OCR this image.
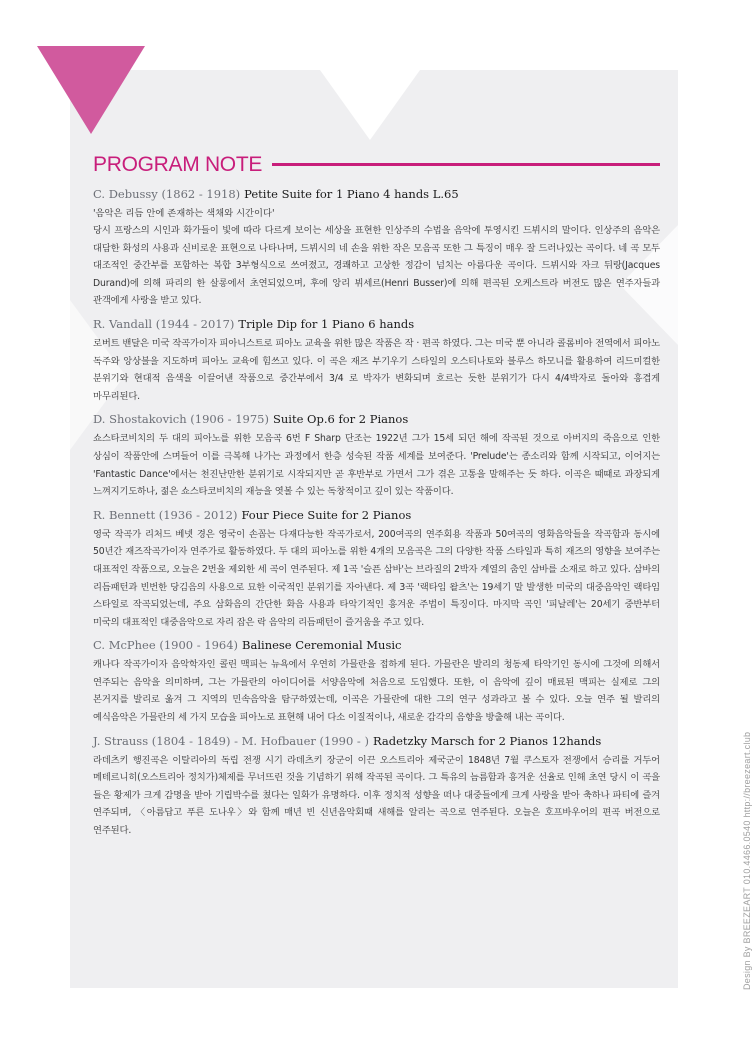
PROGRAM NOTE
C. Debussy (1862 - 1918) Petite Suite for 1 Piano 4 hands L.65
'음악은 리듬 안에 존재하는 색채와 시간이다'
당시 프랑스의 시인과 화가들이 빛에 따라 다르게 보이는 세상을 표현한 인상주의 수법을 음악에 투영시킨 드뷔시의 말이다. 인상주의 음악은 대담한 화성의 사용과 신비로운 표현으로 나타나며, 드뷔시의 네 손을 위한 작은 모음곡 또한 그 특징이 매우 잘 드러나있는 곡이다. 네 곡 모두 대조적인 중간부를 포함하는 복합 3부형식으로 쓰여졌고, 경쾌하고 고상한 정감이 넘치는 아름다운 곡이다. 드뷔시와 자크 뒤랑(Jacques Durand)에 의해 파리의 한 살롱에서 초연되었으며, 후에 앙리 뷔세르(Henri Busser)에 의해 편곡된 오케스트라 버전도 많은 연주자들과 관객에게 사랑을 받고 있다.
R. Vandall (1944 - 2017) Triple Dip for 1 Piano 6 hands
로버트 밴달은 미국 작곡가이자 피아니스트로 피아노 교육을 위한 많은 작품은 작 · 편곡 하였다. 그는 미국 뿐 아니라 콜롬비아 전역에서 피아노 독주와 앙상블을 지도하며 피아노 교육에 힘쓰고 있다. 이 곡은 재즈 부기우기 스타일의 오스티나토와 블루스 하모니를 활용하여 리드미컬한 분위기와 현대적 음색을 이끌어낸 작품으로 중간부에서 3/4 로 박자가 변화되며 흐르는 듯한 분위기가 다시 4/4박자로 돌아와 흥겹게 마무리된다.
D. Shostakovich (1906 - 1975) Suite Op.6 for 2 Pianos
쇼스타코비치의 두 대의 피아노를 위한 모음곡 6번 F Sharp 단조는 1922년 그가 15세 되던 해에 작곡된 것으로 아버지의 죽음으로 인한 상심이 작품안에 스며들어 이를 극복해 나가는 과정에서 한층 성숙된 작품 세계를 보여준다. 'Prelude'는 종소리와 함께 시작되고, 이어지는 'Fantastic Dance'에서는 천진난만한 분위기로 시작되지만 곧 후반부로 가면서 그가 겪은 고통을 말해주는 듯 하다. 이곡은 때때로 과장되게 느껴지기도하나, 젊은 쇼스타코비치의 재능을 엿볼 수 있는 독창적이고 깊이 있는 작품이다.
R. Bennett (1936 - 2012) Four Piece Suite for 2 Pianos
영국 작곡가 리처드 베넷 경은 영국이 손꼽는 다재다능한 작곡가로서, 200여곡의 연주회용 작품과 50여곡의 영화음악들을 작곡함과 동시에 50년간 재즈작곡가이자 연주가로 활동하였다. 두 대의 피아노를 위한 4개의 모음곡은 그의 다양한 작품 스타일과 특히 재즈의 영향을 보여주는 대표적인 작품으로, 오늘은 2번을 제외한 세 곡이 연주된다. 제 1곡 '슬픈 삼바'는 브라질의 2박자 계열의 춤인 삼바를 소재로 하고 있다. 삼바의 리듬패턴과 빈번한 당김음의 사용으로 묘한 이국적인 분위기를 자아낸다. 제 3곡 '랙타임 왈츠'는 19세기 말 발생한 미국의 대중음악인 랙타임 스타일로 작곡되었는데, 주요 삼화음의 간단한 화음 사용과 타악기적인 흥겨운 주법이 특징이다. 마지막 곡인 '피날레'는 20세기 중반부터 미국의 대표적인 대중음악으로 자리 잡은 락 음악의 리듬패턴이 즐거움을 주고 있다.
C. McPhee (1900 - 1964) Balinese Ceremonial Music
캐나다 작곡가이자 음악학자인 콜린 맥피는 뉴욕에서 우연히 가믈란을 접하게 된다. 가믈란은 발리의 청동제 타악기인 동시에 그것에 의해서 연주되는 음악을 의미하며, 그는 가믈란의 아이디어를 서양음악에 처음으로 도입했다. 또한, 이 음악에 깊이 매료된 맥피는 실제로 그의 본거지를 발리로 옮겨 그 지역의 민속음악을 탐구하였는데, 이곡은 가믈란에 대한 그의 연구 성과라고 볼 수 있다. 오늘 연주 될 발리의 예식음악은 가믈란의 세 가지 모습을 피아노로 표현해 내어 다소 이질적이나, 새로운 감각의 음향을 방출해 내는 곡이다.
J. Strauss (1804 - 1849) - M. Hofbauer (1990 - ) Radetzky Marsch for 2 Pianos 12hands
라데츠키 행진곡은 이탈리아의 독립 전쟁 시기 라데츠키 장군이 이끈 오스트리아 제국군이 1848년 7월 쿠스토자 전쟁에서 승리를 거두어 메테르니히(오스트리아 정치가)체제를 무너뜨린 것을 기념하기 위해 작곡된 곡이다. 그 특유의 늠름함과 흥겨운 선율로 인해 초연 당시 이 곡을 들은 황제가 크게 감명을 받아 기립박수를 쳤다는 일화가 유명하다. 이후 정치적 성향을 떠나 대중들에게 크게 사랑을 받아 축하나 파티에 즐겨 연주되며, 〈아름답고 푸른 도나우〉와 함께 매년 빈 신년음악회때 새해를 알리는 곡으로 연주된다. 오늘은 호프바우어의 편곡 버전으로 연주된다.	Design By BREEZEART 010.4466.0540 http://breezeart.club
